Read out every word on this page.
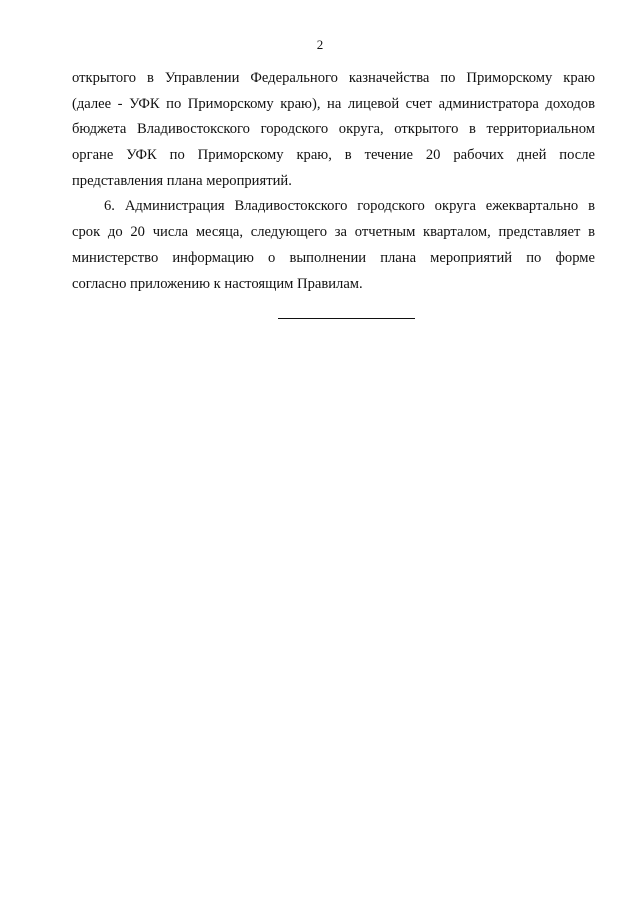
2
открытого в Управлении Федерального казначейства по Приморскому краю
(далее - УФК по Приморскому краю), на лицевой счет администратора доходов
бюджета Владивостокского городского округа, открытого в территориальном
органе УФК по Приморскому краю, в течение 20 рабочих дней после
представления плана мероприятий.
6. Администрация Владивостокского городского округа ежеквартально в
срок до 20 числа месяца, следующего за отчетным кварталом, представляет в
министерство информацию о выполнении плана мероприятий по форме
согласно приложению к настоящим Правилам.
